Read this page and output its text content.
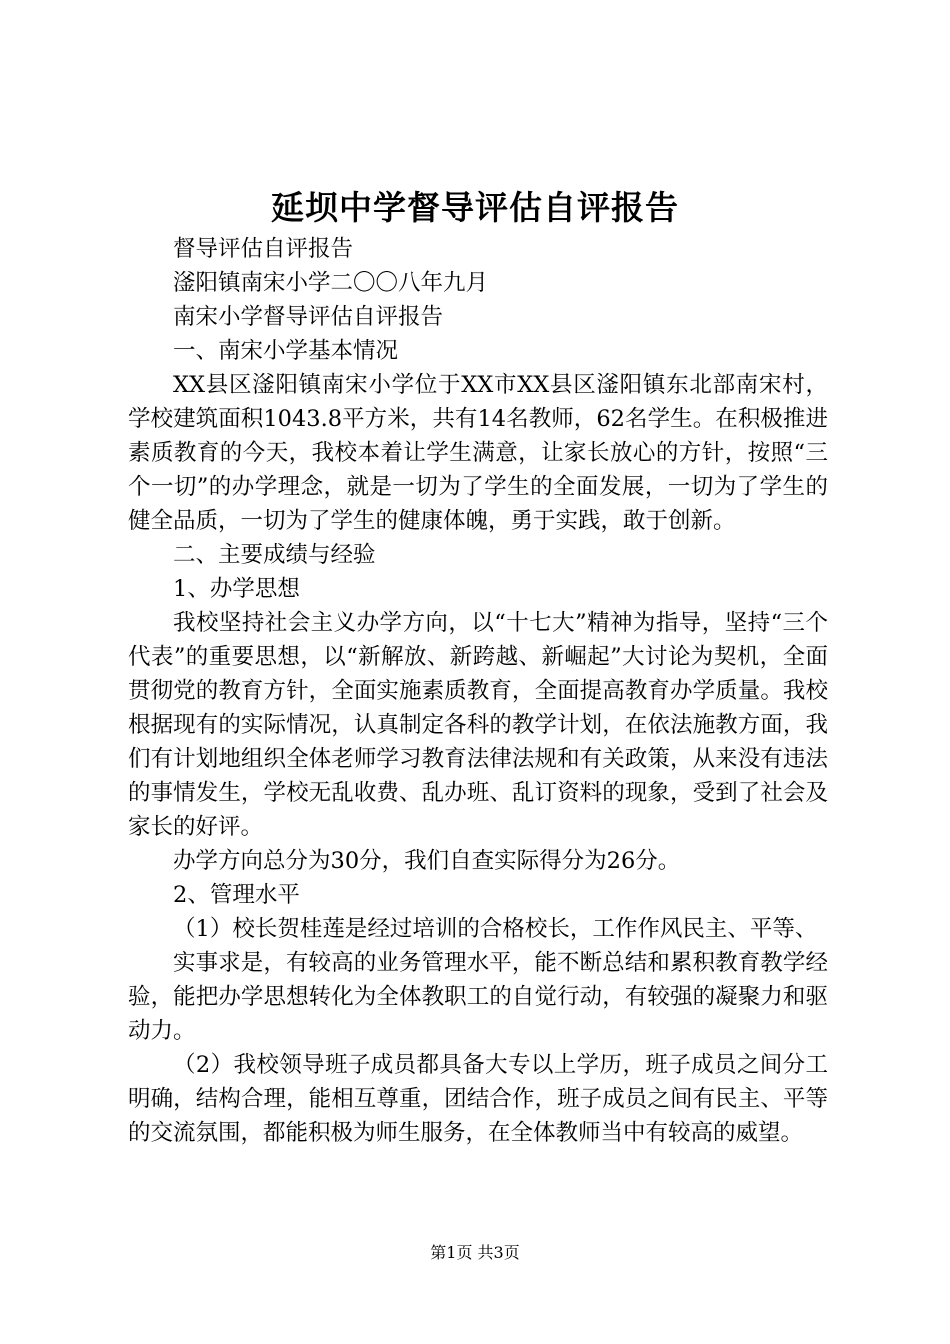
延坝中学督导评估自评报告

督导评估自评报告

滏阳镇南宋小学二〇〇八年九月

南宋小学督导评估自评报告

一、南宋小学基本情况

XX县区滏阳镇南宋小学位于XX市XX县区滏阳镇东北部南宋村，学校建筑面积1043.8平方米，共有14名教师，62名学生。在积极推进素质教育的今天，我校本着让学生满意，让家长放心的方针，按照“三个一切”的办学理念，就是一切为了学生的全面发展，一切为了学生的健全品质，一切为了学生的健康体魄，勇于实践，敢于创新。

二、主要成绩与经验

1、办学思想

我校坚持社会主义办学方向，以“十七大”精神为指导，坚持“三个代表”的重要思想，以“新解放、新跨越、新崛起”大讨论为契机，全面贯彻党的教育方针，全面实施素质教育，全面提高教育办学质量。我校根据现有的实际情况，认真制定各科的教学计划，在依法施教方面，我们有计划地组织全体老师学习教育法律法规和有关政策，从来没有违法的事情发生，学校无乱收费、乱办班、乱订资料的现象，受到了社会及家长的好评。

办学方向总分为30分，我们自查实际得分为26分。

2、管理水平

（1）校长贺桂莲是经过培训的合格校长，工作作风民主、平等、

实事求是，有较高的业务管理水平，能不断总结和累积教育教学经验，能把办学思想转化为全体教职工的自觉行动，有较强的凝聚力和驱动力。

（2）我校领导班子成员都具备大专以上学历，班子成员之间分工明确，结构合理，能相互尊重，团结合作，班子成员之间有民主、平等的交流氛围，都能积极为师生服务，在全体教师当中有较高的威望。

第1页 共3页
